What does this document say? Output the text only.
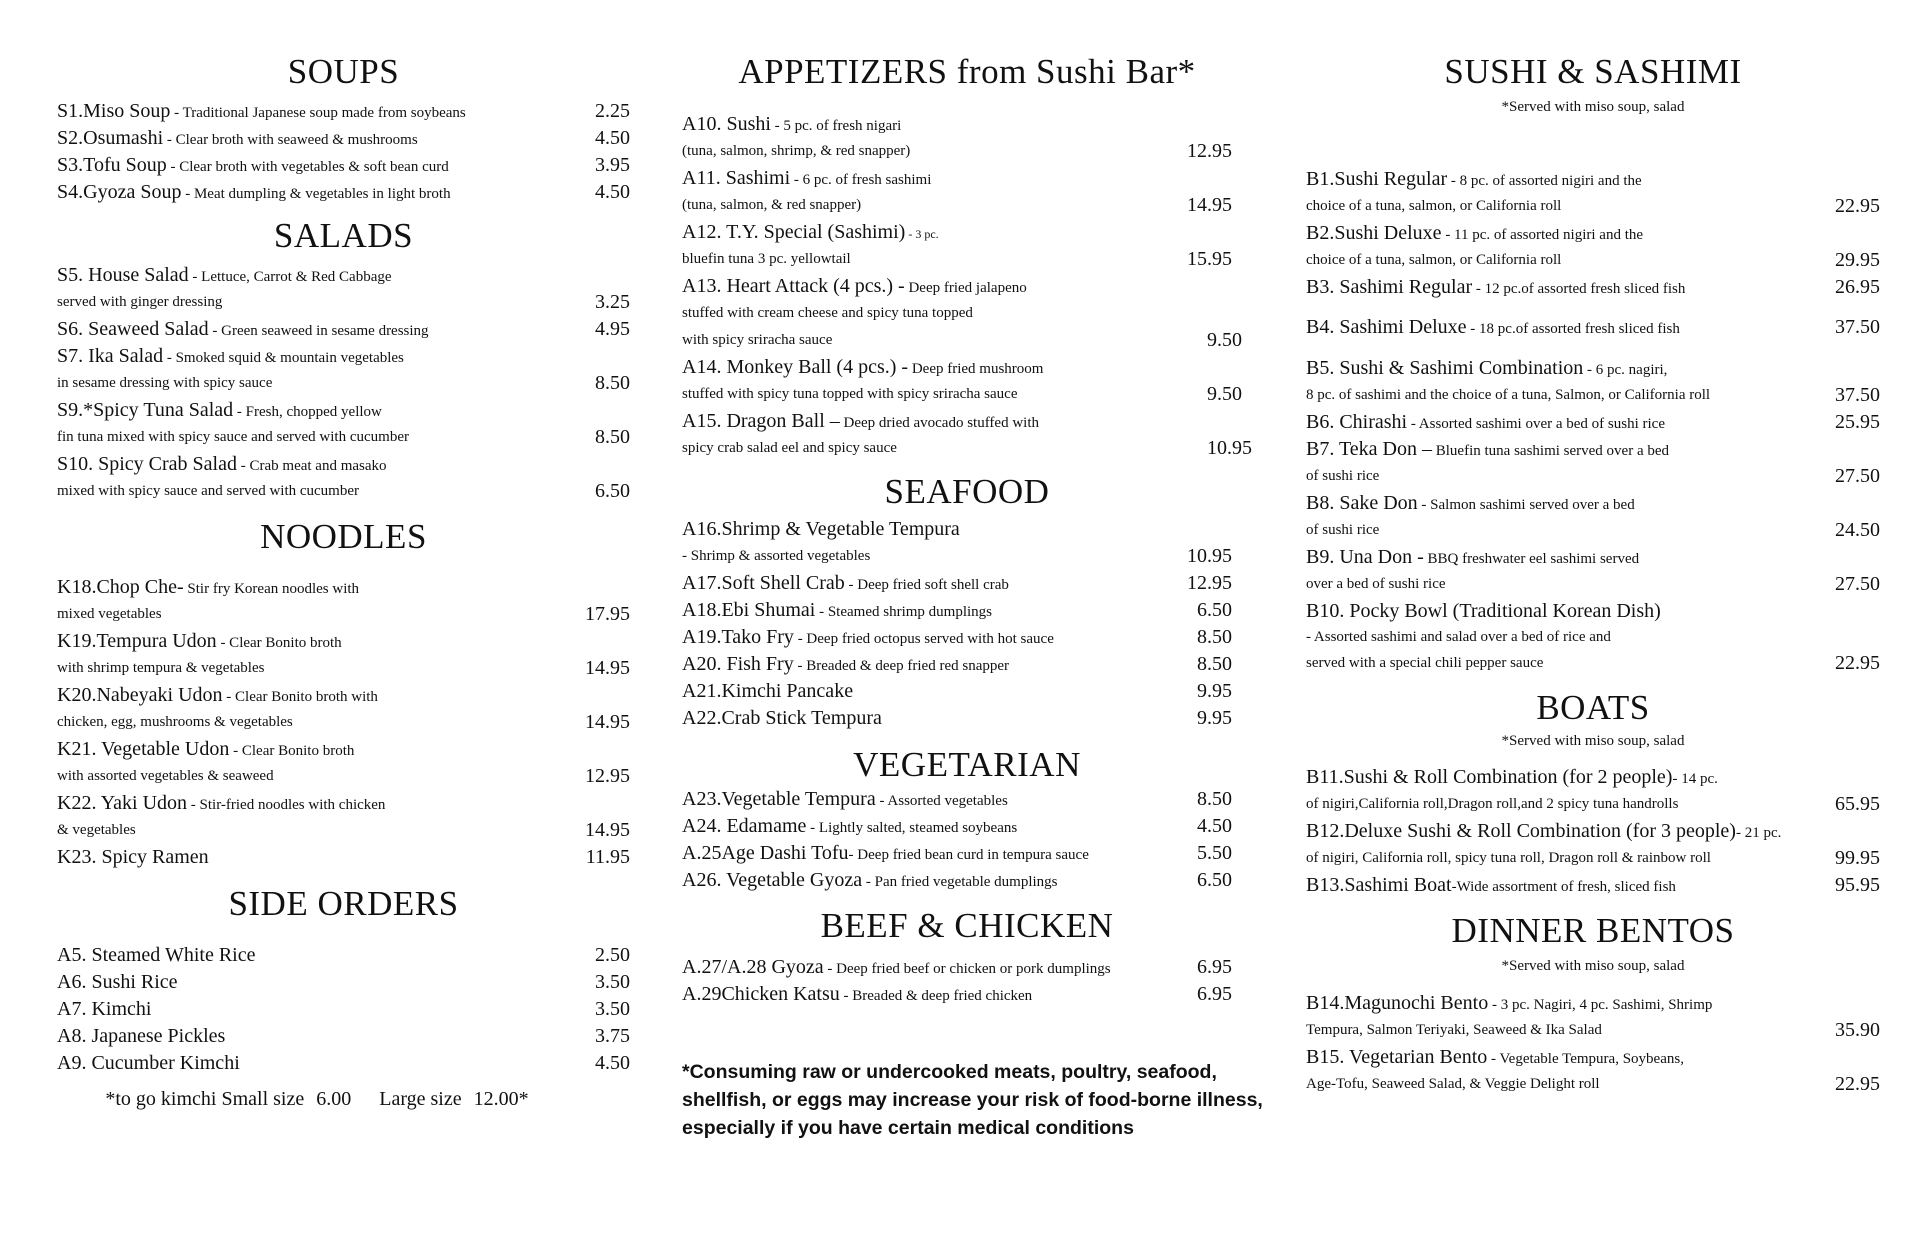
SOUPS
S1.Miso Soup - Traditional Japanese soup made from soybeans	2.25
S2.Osumashi - Clear broth with seaweed & mushrooms	4.50
S3.Tofu Soup - Clear broth with vegetables & soft bean curd	3.95
S4.Gyoza Soup - Meat dumpling & vegetables in light broth	4.50
SALADS
S5. House Salad - Lettuce, Carrot & Red Cabbage
served with ginger dressing	3.25
S6. Seaweed Salad - Green seaweed in sesame dressing	4.95
S7. Ika Salad - Smoked squid & mountain vegetables
in sesame dressing with spicy sauce	8.50
S9.*Spicy Tuna Salad - Fresh, chopped yellow
fin tuna mixed with spicy sauce and served with cucumber	8.50
S10. Spicy Crab Salad - Crab meat and masako
mixed with spicy sauce and served with cucumber	6.50
NOODLES
K18.Chop Che- Stir fry Korean noodles with
mixed vegetables	17.95
K19.Tempura Udon - Clear Bonito broth
with shrimp tempura & vegetables	14.95
K20.Nabeyaki Udon - Clear Bonito broth with
chicken, egg, mushrooms & vegetables	14.95
K21. Vegetable Udon - Clear Bonito broth
with assorted vegetables & seaweed	12.95
K22. Yaki Udon - Stir-fried noodles with chicken
& vegetables	14.95
K23. Spicy Ramen	11.95
SIDE ORDERS
A5. Steamed White Rice	2.50
A6. Sushi Rice	3.50
A7. Kimchi	3.50
A8. Japanese Pickles	3.75
A9. Cucumber Kimchi	4.50
*to go kimchi Small size 6.00 Large size 12.00*
APPETIZERS from Sushi Bar*
A10. Sushi - 5 pc. of fresh nigari
(tuna, salmon, shrimp, & red snapper)	12.95
A11. Sashimi - 6 pc. of fresh sashimi
(tuna, salmon, & red snapper)	14.95
A12. T.Y. Special (Sashimi) - 3 pc.
bluefin tuna 3 pc. yellowtail	15.95
A13. Heart Attack (4 pcs.) - Deep fried jalapeno
stuffed with cream cheese and spicy tuna topped
with spicy sriracha sauce	9.50
A14. Monkey Ball (4 pcs.) - Deep fried mushroom
stuffed with spicy tuna topped with spicy sriracha sauce	9.50
A15. Dragon Ball – Deep dried avocado stuffed with
spicy crab salad eel and spicy sauce	10.95
SEAFOOD
A16.Shrimp & Vegetable Tempura
- Shrimp & assorted vegetables	10.95
A17.Soft Shell Crab - Deep fried soft shell crab	12.95
A18.Ebi Shumai - Steamed shrimp dumplings	6.50
A19.Tako Fry - Deep fried octopus served with hot sauce	8.50
A20. Fish Fry - Breaded & deep fried red snapper	8.50
A21.Kimchi Pancake	9.95
A22.Crab Stick Tempura	9.95
VEGETARIAN
A23.Vegetable Tempura - Assorted vegetables	8.50
A24. Edamame - Lightly salted, steamed soybeans	4.50
A.25Age Dashi Tofu- Deep fried bean curd in tempura sauce	5.50
A26. Vegetable Gyoza - Pan fried vegetable dumplings	6.50
BEEF & CHICKEN
A.27/A.28 Gyoza - Deep fried beef or chicken or pork dumplings	6.95
A.29Chicken Katsu - Breaded & deep fried chicken	6.95
*Consuming raw or undercooked meats, poultry, seafood,
shellfish, or eggs may increase your risk of food-borne illness,
especially if you have certain medical conditions
SUSHI & SASHIMI
*Served with miso soup, salad
B1.Sushi Regular - 8 pc. of assorted nigiri and the
choice of a tuna, salmon, or California roll	22.95
B2.Sushi Deluxe - 11 pc. of assorted nigiri and the
choice of a tuna, salmon, or California roll	29.95
B3. Sashimi Regular - 12 pc.of assorted fresh sliced fish	26.95
B4. Sashimi Deluxe - 18 pc.of assorted fresh sliced fish	37.50
B5. Sushi & Sashimi Combination - 6 pc. nagiri,
8 pc. of sashimi and the choice of a tuna, Salmon, or California roll	37.50
B6. Chirashi - Assorted sashimi over a bed of sushi rice	25.95
B7. Teka Don – Bluefin tuna sashimi served over a bed
of sushi rice	27.50
B8. Sake Don - Salmon sashimi served over a bed
of sushi rice	24.50
B9. Una Don - BBQ freshwater eel sashimi served
over a bed of sushi rice	27.50
B10. Pocky Bowl (Traditional Korean Dish)
- Assorted sashimi and salad over a bed of rice and
served with a special chili pepper sauce	22.95
BOATS
*Served with miso soup, salad
B11.Sushi & Roll Combination (for 2 people)- 14 pc.
of nigiri,California roll,Dragon roll,and 2 spicy tuna handrolls	65.95
B12.Deluxe Sushi & Roll Combination (for 3 people)- 21 pc.
of nigiri, California roll, spicy tuna roll, Dragon roll & rainbow roll	99.95
B13.Sashimi Boat-Wide assortment of fresh, sliced fish	95.95
DINNER BENTOS
*Served with miso soup, salad
B14.Magunochi Bento - 3 pc. Nagiri, 4 pc. Sashimi, Shrimp
Tempura, Salmon Teriyaki, Seaweed & Ika Salad	35.90
B15. Vegetarian Bento - Vegetable Tempura, Soybeans,
Age-Tofu, Seaweed Salad, & Veggie Delight roll	22.95
